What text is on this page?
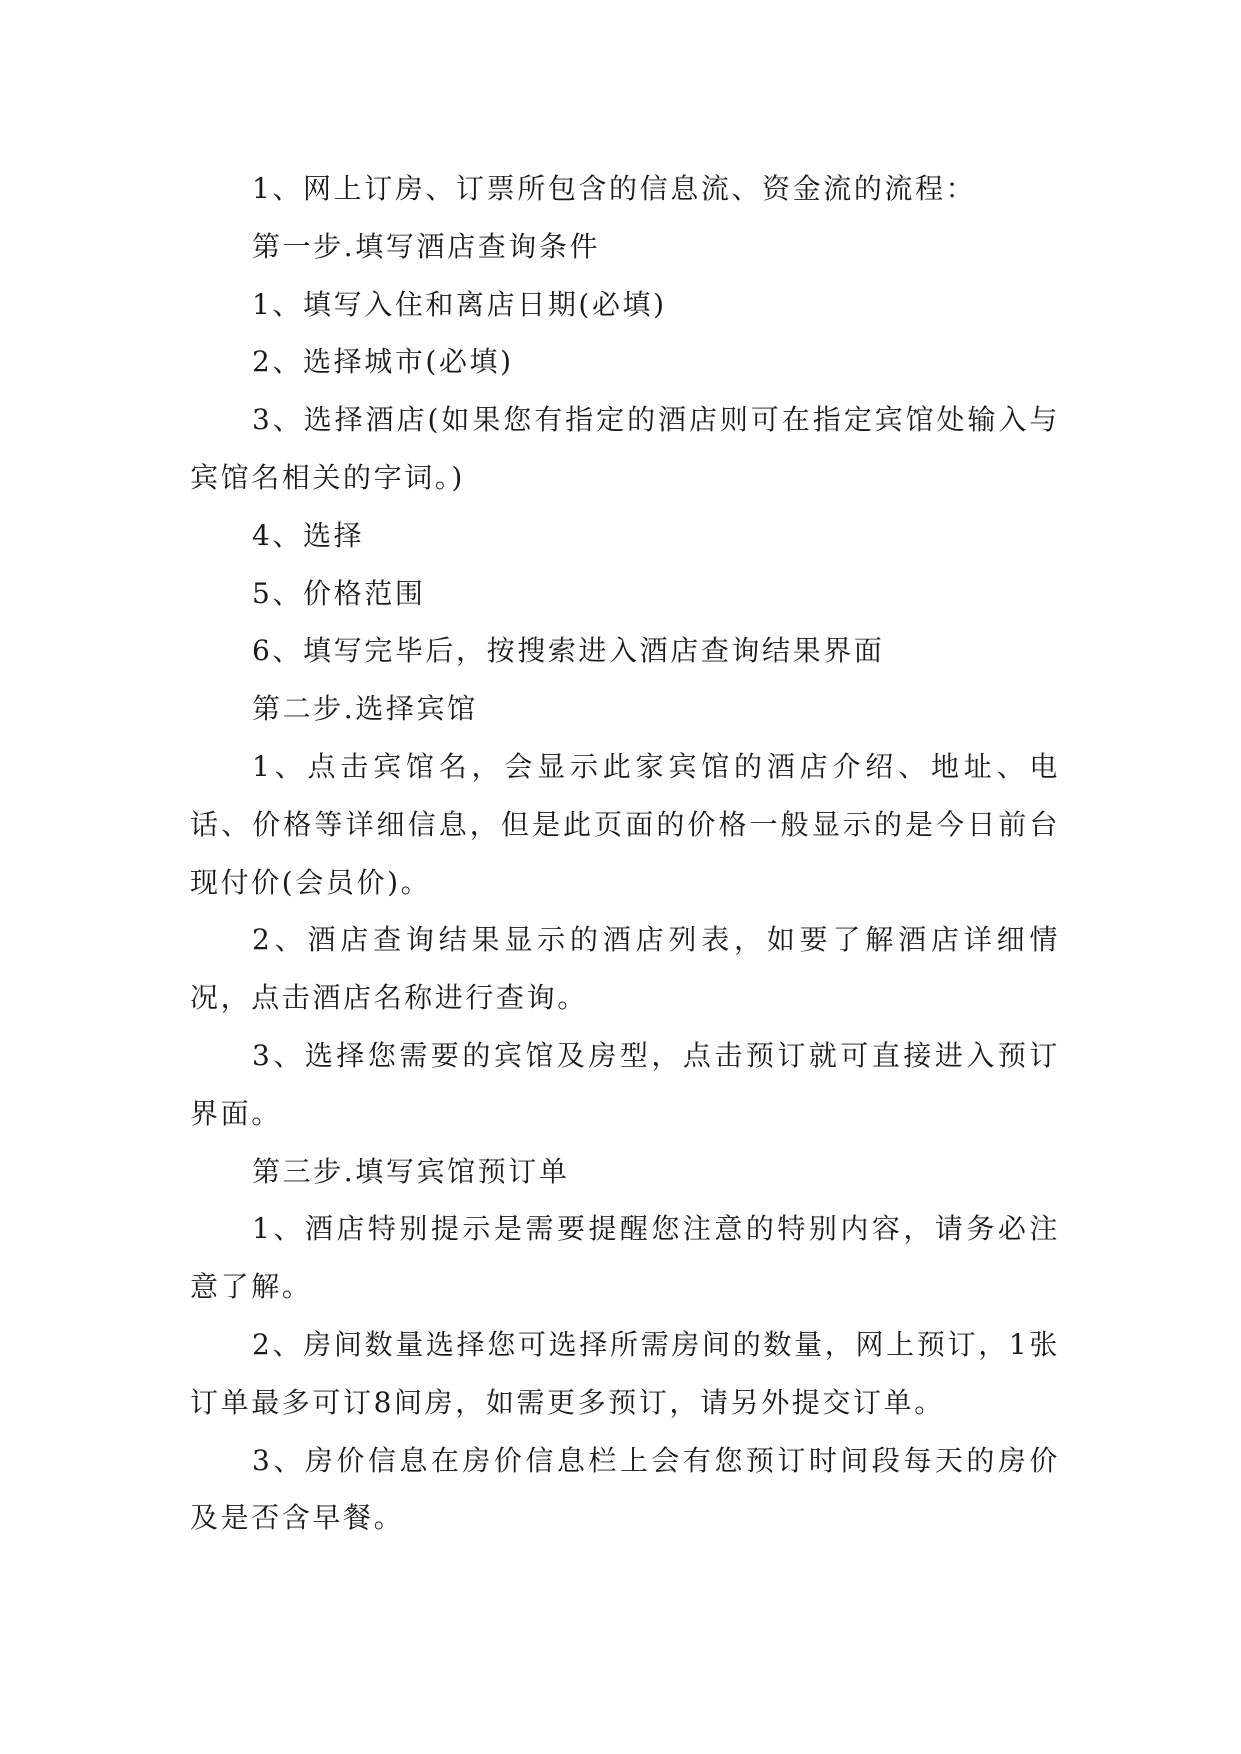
1、网上订房、订票所包含的信息流、资金流的流程：

第一步.填写酒店查询条件

1、填写入住和离店日期(必填)

2、选择城市(必填)

3、选择酒店(如果您有指定的酒店则可在指定宾馆处输入与宾馆名相关的字词。)

4、选择

5、价格范围

6、填写完毕后，按搜索进入酒店查询结果界面

第二步.选择宾馆

1、点击宾馆名，会显示此家宾馆的酒店介绍、地址、电话、价格等详细信息，但是此页面的价格一般显示的是今日前台现付价(会员价)。

2、酒店查询结果显示的酒店列表，如要了解酒店详细情况，点击酒店名称进行查询。

3、选择您需要的宾馆及房型，点击预订就可直接进入预订界面。

第三步.填写宾馆预订单

1、酒店特别提示是需要提醒您注意的特别内容，请务必注意了解。

2、房间数量选择您可选择所需房间的数量，网上预订，1张订单最多可订8间房，如需更多预订，请另外提交订单。

3、房价信息在房价信息栏上会有您预订时间段每天的房价及是否含早餐。
